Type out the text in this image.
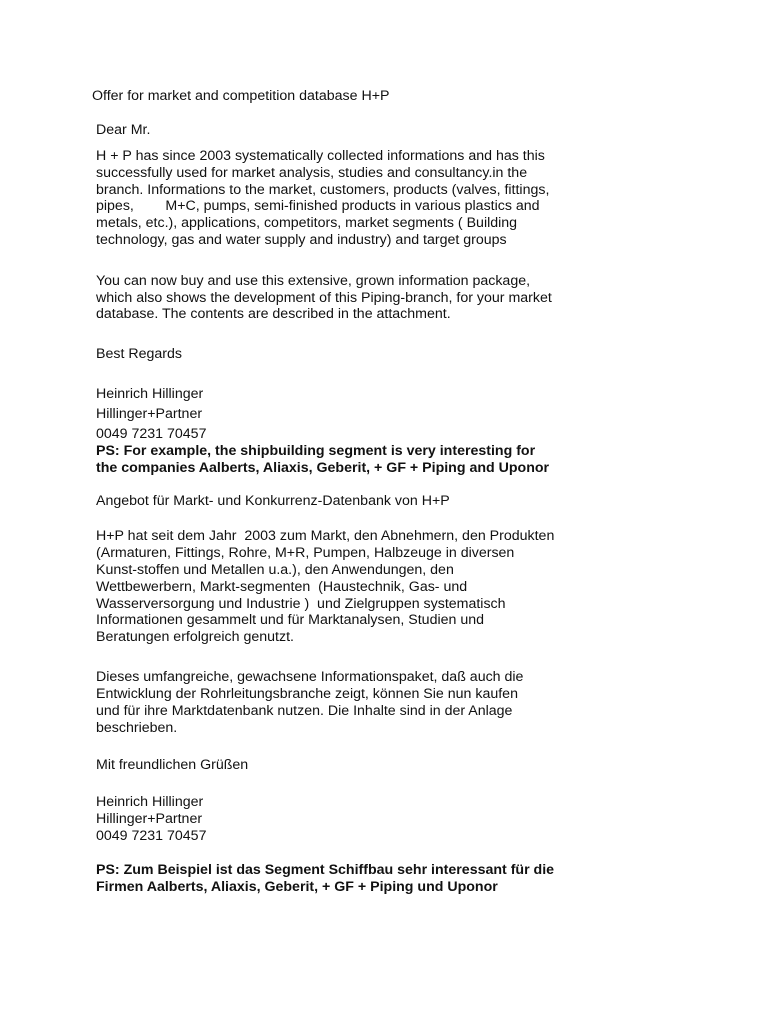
Offer for market and competition database H+P

Dear Mr.

H + P has since 2003 systematically collected informations and has this

successfully used for market analysis, studies and consultancy.in the

branch. Informations to the market, customers, products (valves, fittings,

pipes,        M+C, pumps, semi-finished products in various plastics and

metals, etc.), applications, competitors, market segments ( Building

technology, gas and water supply and industry) and target groups

You can now buy and use this extensive, grown information package,

which also shows the development of this Piping-branch, for your market

database. The contents are described in the attachment.

Best Regards

Heinrich Hillinger

Hillinger+Partner

0049 7231 70457

PS: For example, the shipbuilding segment is very interesting for

the companies Aalberts, Aliaxis, Geberit, + GF + Piping and Uponor

Angebot für Markt- und Konkurrenz-Datenbank von H+P

H+P hat seit dem Jahr  2003 zum Markt, den Abnehmern, den Produkten

(Armaturen, Fittings, Rohre, M+R, Pumpen, Halbzeuge in diversen

Kunst-stoffen und Metallen u.a.), den Anwendungen, den

Wettbewerbern, Markt-segmenten  (Haustechnik, Gas- und

Wasserversorgung und Industrie )  und Zielgruppen systematisch

Informationen gesammelt und für Marktanalysen, Studien und

Beratungen erfolgreich genutzt.

Dieses umfangreiche, gewachsene Informationspaket, daß auch die

Entwicklung der Rohrleitungsbranche zeigt, können Sie nun kaufen

und für ihre Marktdatenbank nutzen. Die Inhalte sind in der Anlage

beschrieben.

Mit freundlichen Grüßen

Heinrich Hillinger

Hillinger+Partner

0049 7231 70457

PS: Zum Beispiel ist das Segment Schiffbau sehr interessant für die

Firmen Aalberts, Aliaxis, Geberit, + GF + Piping und Uponor
